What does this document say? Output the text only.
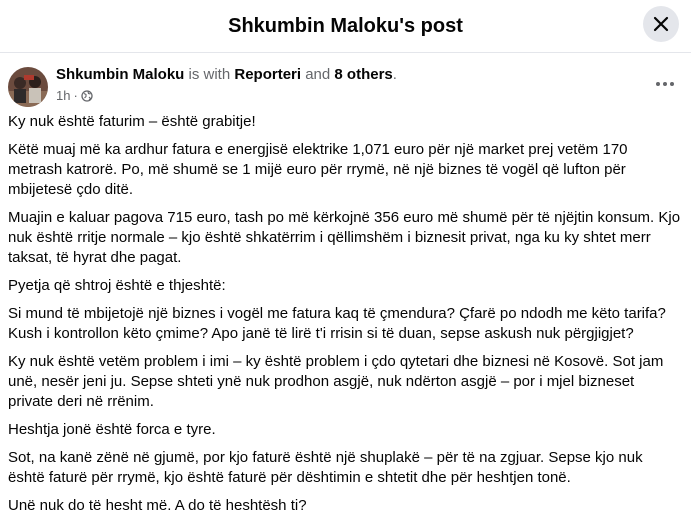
Shkumbin Maloku's post
Shkumbin Maloku is with Reporteri and 8 others.
1h ·

Ky nuk është faturim – është grabitje!

Këtë muaj më ka ardhur fatura e energjisë elektrike 1,071 euro për një market prej vetëm 170 metrash katrorë. Po, më shumë se 1 mijë euro për rrymë, në një biznes të vogël që lufton për mbijetesë çdo ditë.

Muajin e kaluar pagova 715 euro, tash po më kërkojnë 356 euro më shumë për të njëjtin konsum. Kjo nuk është rritje normale – kjo është shkatërrim i qëllimshëm i biznesit privat, nga ku ky shtet merr taksat, të hyrat dhe pagat.

Pyetja që shtroj është e thjeshtë:

Si mund të mbijetojë një biznes i vogël me fatura kaq të çmendura? Çfarë po ndodh me këto tarifa? Kush i kontrollon këto çmime? Apo janë të lirë t'i rrisin si të duan, sepse askush nuk përgjigjet?

Ky nuk është vetëm problem i imi – ky është problem i çdo qytetari dhe biznesi në Kosovë. Sot jam unë, nesër jeni ju. Sepse shteti ynë nuk prodhon asgjë, nuk ndërton asgjë – por i mjel bizneset private deri në rrënim.

Heshtja jonë është forca e tyre.

Sot, na kanë zënë në gjumë, por kjo faturë është një shuplakë – për të na zgjuar. Sepse kjo nuk është faturë për rrymë, kjo është faturë për dështimin e shtetit dhe për heshtjen tonë.

Unë nuk do të hesht më. A do të heshtësh ti?
